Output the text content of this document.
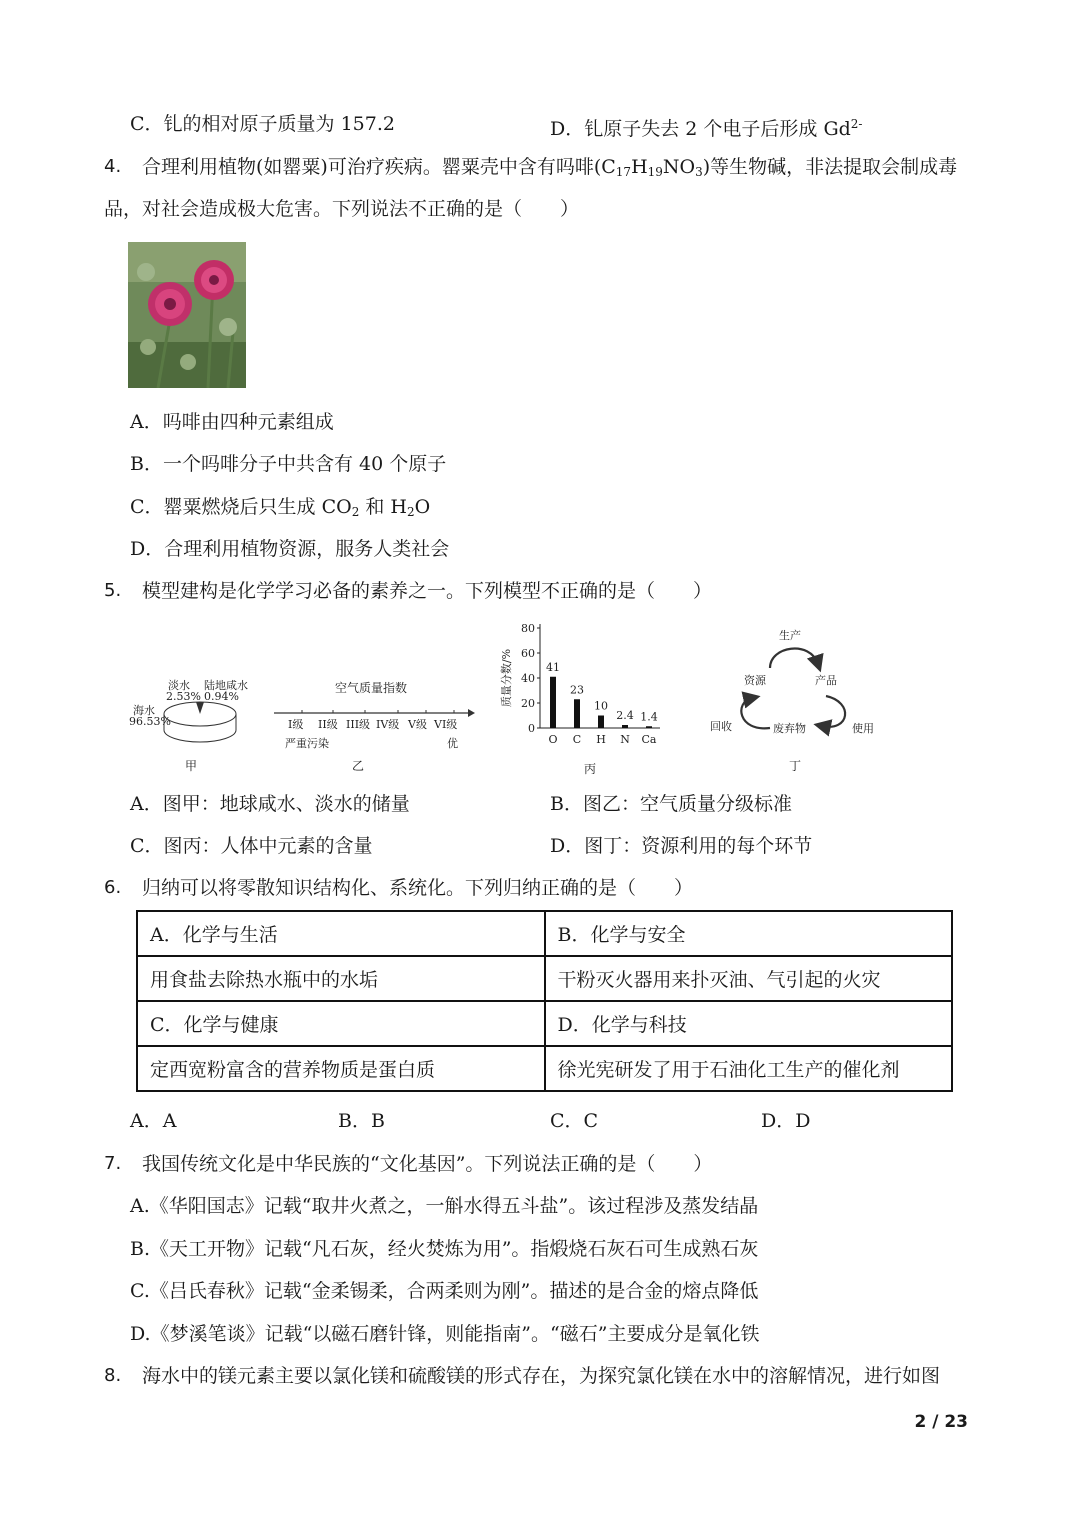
C．钆的相对原子质量为 157.2	D．钆原子失去 2 个电子后形成 $Gd^{2-}$
4. 合理利用植物(如罂粟)可治疗疾病。罂粟壳中含有吗啡$(C_{17}H_{19}NO_3)$等生物碱，非法提取会制成毒
品，对社会造成极大危害。下列说法不正确的是（　　）
A．吗啡由四种元素组成
B．一个吗啡分子中共含有 40 个原子
C．罂粟燃烧后只生成 $CO_2$ 和 $H_2O$
D．合理利用植物资源，服务人类社会
5. 模型建构是化学学习必备的素养之一。下列模型不正确的是（　　）
海水
96.53%
淡水
2.53%
陆地咸水
0.94%
甲
空气质量指数
I级 II级 III级 IV级 V级 VI级
严重污染	优
乙
0
20
40
60
80
质量分数/%	41
O
23
C
10
H
2.4
N
1.4
Ca
丙
生产
资源	产品
回收	废弃物	使用
丁
A．图甲：地球咸水、淡水的储量	B．图乙：空气质量分级标准
C．图丙：人体中元素的含量	D．图丁：资源利用的每个环节
6. 归纳可以将零散知识结构化、系统化。下列归纳正确的是（　　）
A．化学与生活	B．化学与安全
用食盐去除热水瓶中的水垢	干粉灭火器用来扑灭油、气引起的火灾
C．化学与健康	D．化学与科技
定西宽粉富含的营养物质是蛋白质	徐光宪研发了用于石油化工生产的催化剂
A．A	B．B	C．C	D．D
7. 我国传统文化是中华民族的“文化基因”。下列说法正确的是（　　）
A.《华阳国志》记载“取井火煮之，一斛水得五斗盐”。该过程涉及蒸发结晶
B.《天工开物》记载“凡石灰，经火焚炼为用”。指煅烧石灰石可生成熟石灰
C.《吕氏春秋》记载“金柔锡柔，合两柔则为刚”。描述的是合金的熔点降低
D.《梦溪笔谈》记载“以磁石磨针锋，则能指南”。“磁石”主要成分是氧化铁
8. 海水中的镁元素主要以氯化镁和硫酸镁的形式存在，为探究氯化镁在水中的溶解情况，进行如图
2 / 23
